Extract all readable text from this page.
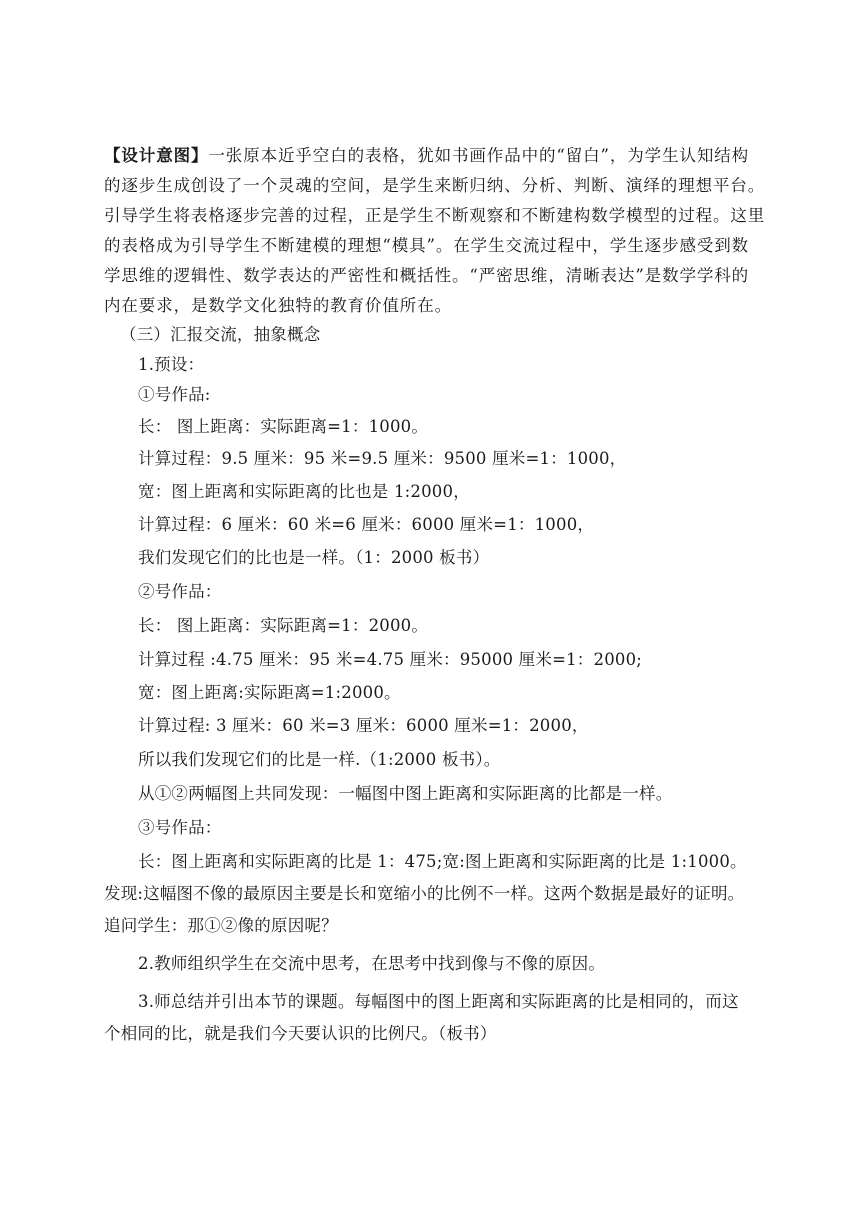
【设计意图】一张原本近乎空白的表格，犹如书画作品中的“留白”，为学生认知结构
的逐步生成创设了一个灵魂的空间，是学生来断归纳、分析、判断、演绎的理想平台。
引导学生将表格逐步完善的过程，正是学生不断观察和不断建构数学模型的过程。这里
的表格成为引导学生不断建模的理想“模具”。在学生交流过程中，学生逐步感受到数
学思维的逻辑性、数学表达的严密性和概括性。“严密思维，清晰表达”是数学学科的
内在要求，是数学文化独特的教育价值所在。
（三）汇报交流，抽象概念
1.预设：
①号作品:
长： 图上距离：实际距离=1：1000。
计算过程：9.5 厘米：95 米=9.5 厘米：9500 厘米=1：1000，
宽：图上距离和实际距离的比也是 1:2000，
计算过程：6 厘米：60 米=6 厘米：6000 厘米=1：1000，
我们发现它们的比也是一样。（1：2000 板书）
②号作品：
长： 图上距离：实际距离=1：2000。
计算过程 :4.75 厘米：95 米=4.75 厘米：95000 厘米=1：2000;
宽：图上距离:实际距离=1:2000。
计算过程: 3 厘米：60 米=3 厘米：6000 厘米=1：2000，
所以我们发现它们的比是一样.（1:2000 板书）。
从①②两幅图上共同发现：一幅图中图上距离和实际距离的比都是一样。
③号作品：
长：图上距离和实际距离的比是 1：475;宽:图上距离和实际距离的比是 1:1000。
发现:这幅图不像的最原因主要是长和宽缩小的比例不一样。这两个数据是最好的证明。
追问学生：那①②像的原因呢？
2.教师组织学生在交流中思考，在思考中找到像与不像的原因。
3.师总结并引出本节的课题。每幅图中的图上距离和实际距离的比是相同的，而这
个相同的比，就是我们今天要认识的比例尺。（板书）
